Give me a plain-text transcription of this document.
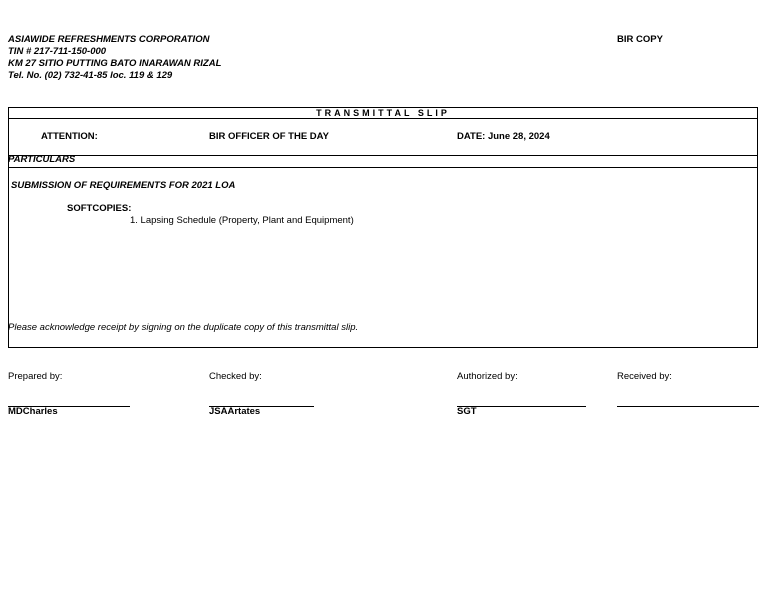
ASIAWIDE REFRESHMENTS CORPORATION
TIN # 217-711-150-000
KM 27 SITIO PUTTING BATO INARAWAN RIZAL
Tel. No. (02) 732-41-85 loc. 119 & 129
BIR COPY
TRANSMITTAL SLIP
ATTENTION:	BIR OFFICER OF THE DAY	DATE: June 28, 2024
PARTICULARS
SUBMISSION OF REQUIREMENTS FOR 2021 LOA
SOFTCOPIES:
1. Lapsing Schedule (Property, Plant and Equipment)
Please acknowledge receipt by signing on the duplicate copy of this transmittal slip.
Prepared by:	Checked by:	Authorized by:	Received by:
MDCharles	JSAArtates	SGT
